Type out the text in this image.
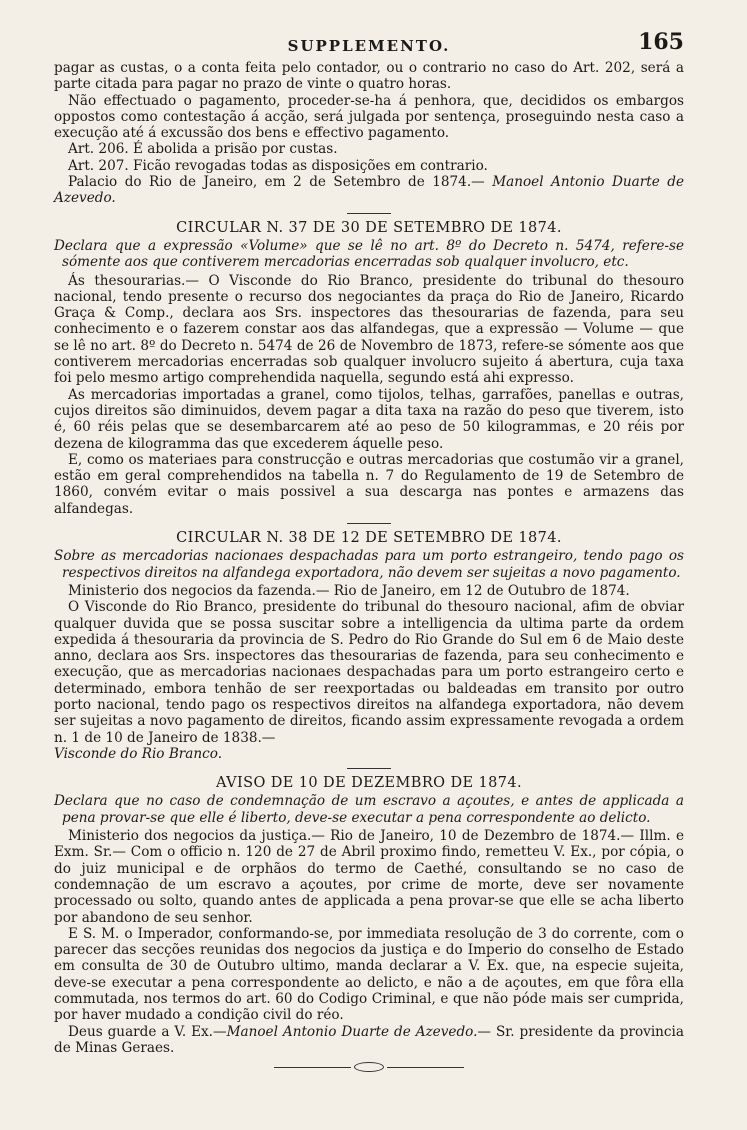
SUPPLEMENTO.	165

pagar as custas, o a conta feita pelo contador, ou o contrario no caso do Art. 202, será a parte citada para pagar no prazo de vinte o quatro horas.

Não effectuado o pagamento, proceder-se-ha á penhora, que, decididos os embargos oppostos como contestação á acção, será julgada por sentença, proseguindo nesta caso a execução até á excussão dos bens e effectivo pagamento.

Art. 206. É abolida a prisão por custas.

Art. 207. Ficão revogadas todas as disposições em contrario.

Palacio do Rio de Janeiro, em 2 de Setembro de 1874.— Manoel Antonio Duarte de Azevedo.

CIRCULAR N. 37 DE 30 DE SETEMBRO DE 1874.

Declara que a expressão «Volume» que se lê no art. 8º do Decreto n. 5474, refere-se sómente aos que contiverem mercadorias encerradas sob qualquer involucro, etc.

Ás thesourarias.— O Visconde do Rio Branco, presidente do tribunal do thesouro nacional, tendo presente o recurso dos negociantes da praça do Rio de Janeiro, Ricardo Graça & Comp., declara aos Srs. inspectores das thesourarias de fazenda, para seu conhecimento e o fazerem constar aos das alfandegas, que a expressão — Volume — que se lê no art. 8º do Decreto n. 5474 de 26 de Novembro de 1873, refere-se sómente aos que contiverem mercadorias encerradas sob qualquer involucro sujeito á abertura, cuja taxa foi pelo mesmo artigo comprehendida naquella, segundo está ahi expresso.

As mercadorias importadas a granel, como tijolos, telhas, garrafões, panellas e outras, cujos direitos são diminuidos, devem pagar a dita taxa na razão do peso que tiverem, isto é, 60 réis pelas que se desembarcarem até ao peso de 50 kilogrammas, e 20 réis por dezena de kilogramma das que excederem áquelle peso.

E, como os materiaes para construcção e outras mercadorias que costumão vir a granel, estão em geral comprehendidos na tabella n. 7 do Regulamento de 19 de Setembro de 1860, convém evitar o mais possivel a sua descarga nas pontes e armazens das alfandegas.

CIRCULAR N. 38 DE 12 DE SETEMBRO DE 1874.

Sobre as mercadorias nacionaes despachadas para um porto estrangeiro, tendo pago os respectivos direitos na alfandega exportadora, não devem ser sujeitas a novo pagamento.

Ministerio dos negocios da fazenda.— Rio de Janeiro, em 12 de Outubro de 1874.

O Visconde do Rio Branco, presidente do tribunal do thesouro nacional, afim de obviar qualquer duvida que se possa suscitar sobre a intelligencia da ultima parte da ordem expedida á thesouraria da provincia de S. Pedro do Rio Grande do Sul em 6 de Maio deste anno, declara aos Srs. inspectores das thesourarias de fazenda, para seu conhecimento e execução, que as mercadorias nacionaes despachadas para um porto estrangeiro certo e determinado, embora tenhão de ser reexportadas ou baldeadas em transito por outro porto nacional, tendo pago os respectivos direitos na alfandega exportadora, não devem ser sujeitas a novo pagamento de direitos, ficando assim expressamente revogada a ordem n. 1 de 10 de Janeiro de 1838.—

Visconde do Rio Branco.

AVISO DE 10 DE DEZEMBRO DE 1874.

Declara que no caso de condemnação de um escravo a açoutes, e antes de applicada a pena provar-se que elle é liberto, deve-se executar a pena correspondente ao delicto.

Ministerio dos negocios da justiça.— Rio de Janeiro, 10 de Dezembro de 1874.— Illm. e Exm. Sr.— Com o officio n. 120 de 27 de Abril proximo findo, remetteu V. Ex., por cópia, o do juiz municipal e de orphãos do termo de Caethé, consultando se no caso de condemnação de um escravo a açoutes, por crime de morte, deve ser novamente processado ou solto, quando antes de applicada a pena provar-se que elle se acha liberto por abandono de seu senhor.

E S. M. o Imperador, conformando-se, por immediata resolução de 3 do corrente, com o parecer das secções reunidas dos negocios da justiça e do Imperio do conselho de Estado em consulta de 30 de Outubro ultimo, manda declarar a V. Ex. que, na especie sujeita, deve-se executar a pena correspondente ao delicto, e não a de açoutes, em que fôra ella commutada, nos termos do art. 60 do Codigo Criminal, e que não póde mais ser cumprida, por haver mudado a condição civil do réo.

Deus guarde a V. Ex.—Manoel Antonio Duarte de Azevedo.— Sr. presidente da provincia de Minas Geraes.
